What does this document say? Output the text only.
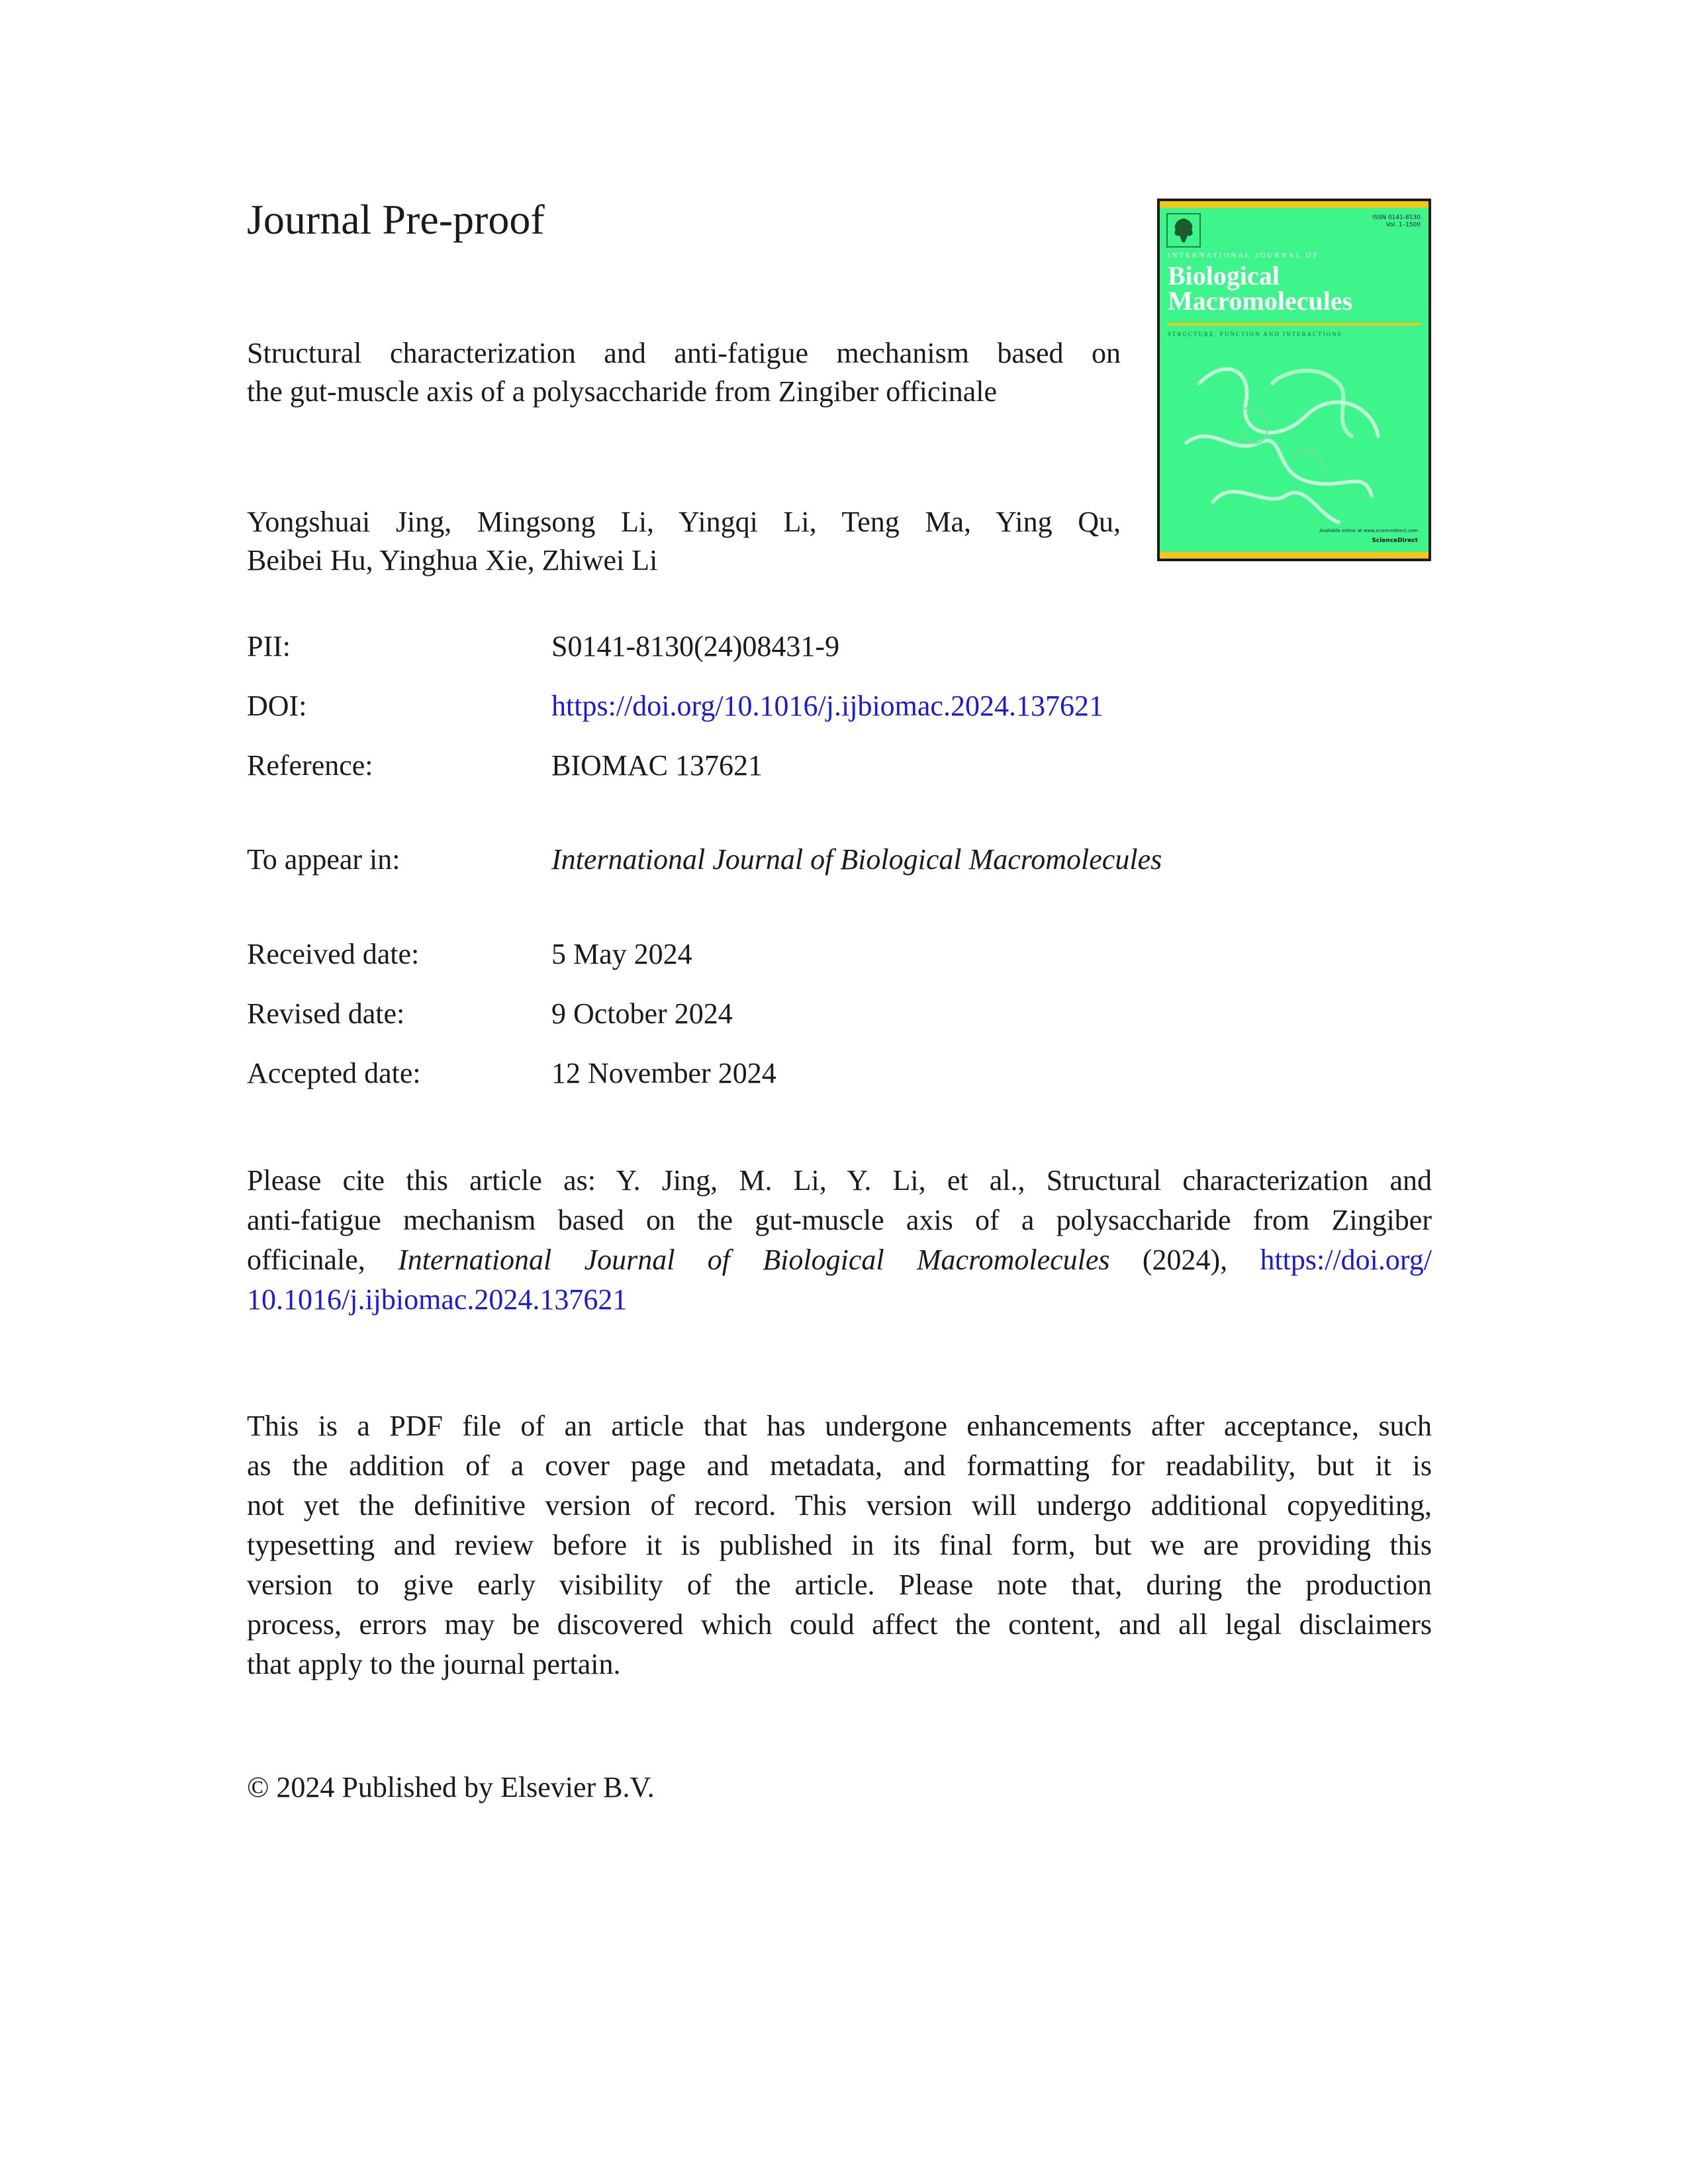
Journal Pre-proof
Structural characterization and anti-fatigue mechanism based on
the gut-muscle axis of a polysaccharide from Zingiber officinale
Yongshuai Jing, Mingsong Li, Yingqi Li, Teng Ma, Ying Qu,
Beibei Hu, Yinghua Xie, Zhiwei Li
ISSN 0141-8130
Vol. 1–1500
INTERNATIONAL JOURNAL OF
Biological
Macromolecules
STRUCTURE, FUNCTION AND INTERACTIONS
Available online at www.sciencedirect.com
ScienceDirect
PII:	S0141-8130(24)08431-9
DOI:	https://doi.org/10.1016/j.ijbiomac.2024.137621
Reference:	BIOMAC 137621
To appear in:	International Journal of Biological Macromolecules
Received date:	5 May 2024
Revised date:	9 October 2024
Accepted date:	12 November 2024
Please cite this article as: Y. Jing, M. Li, Y. Li, et al., Structural characterization and
anti-fatigue mechanism based on the gut-muscle axis of a polysaccharide from Zingiber
officinale, International Journal of Biological Macromolecules (2024), https://doi.org/
10.1016/j.ijbiomac.2024.137621
This is a PDF file of an article that has undergone enhancements after acceptance, such
as the addition of a cover page and metadata, and formatting for readability, but it is
not yet the definitive version of record. This version will undergo additional copyediting,
typesetting and review before it is published in its final form, but we are providing this
version to give early visibility of the article. Please note that, during the production
process, errors may be discovered which could affect the content, and all legal disclaimers
that apply to the journal pertain.
© 2024 Published by Elsevier B.V.
